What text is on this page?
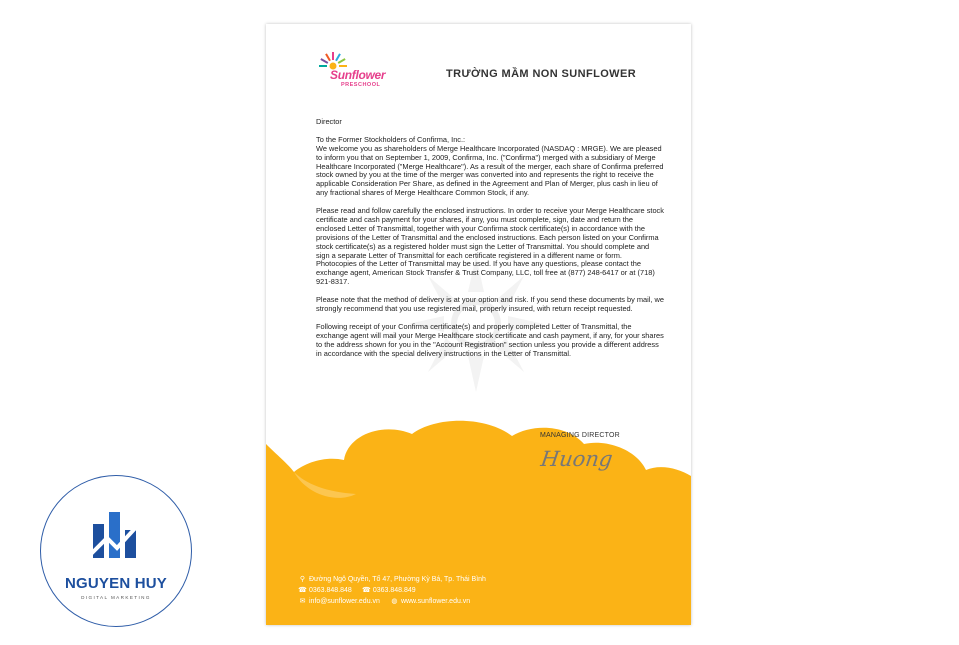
Sunflower
PRESCHOOL
TRƯỜNG MẦM NON SUNFLOWER

Director

To the Former Stockholders of Confirma, Inc.:

We welcome you as shareholders of Merge Healthcare Incorporated (NASDAQ : MRGE). We are pleased to inform you that on September 1, 2009, Confirma, Inc. ("Confirma") merged with a subsidiary of Merge Healthcare Incorporated ("Merge Healthcare"). As a result of the merger, each share of Confirma preferred stock owned by you at the time of the merger was converted into and represents the right to receive the applicable Consideration Per Share, as defined in the Agreement and Plan of Merger, plus cash in lieu of any fractional shares of Merge Healthcare Common Stock, if any.

Please read and follow carefully the enclosed instructions. In order to receive your Merge Healthcare stock certificate and cash payment for your shares, if any, you must complete, sign, date and return the enclosed Letter of Transmittal, together with your Confirma stock certificate(s) in accordance with the provisions of the Letter of Transmittal and the enclosed instructions. Each person listed on your Confirma stock certificate(s) as a registered holder must sign the Letter of Transmittal. You should complete and sign a separate Letter of Transmittal for each certificate registered in a different name or form. Photocopies of the Letter of Transmittal may be used. If you have any questions, please contact the exchange agent, American Stock Transfer & Trust Company, LLC, toll free at (877) 248-6417 or at (718) 921-8317.

Please note that the method of delivery is at your option and risk. If you send these documents by mail, we strongly recommend that you use registered mail, properly insured, with return receipt requested.

Following receipt of your Confirma certificate(s) and properly completed Letter of Transmittal, the exchange agent will mail your Merge Healthcare stock certificate and cash payment, if any, for your shares to the address shown for you in the "Account Registration" section unless you provide a different address in accordance with the special delivery instructions in the Letter of Transmittal.

MANAGING DIRECTOR
Huong
⚲ Đường Ngô Quyền, Tổ 47, Phường Kỳ Bá, Tp. Thái Bình
☎ 0363.848.848 ☎ 0363.848.849
✉ info@sunflower.edu.vn ◍ www.sunflower.edu.vn
NGUYEN HUY
DIGITAL MARKETING
